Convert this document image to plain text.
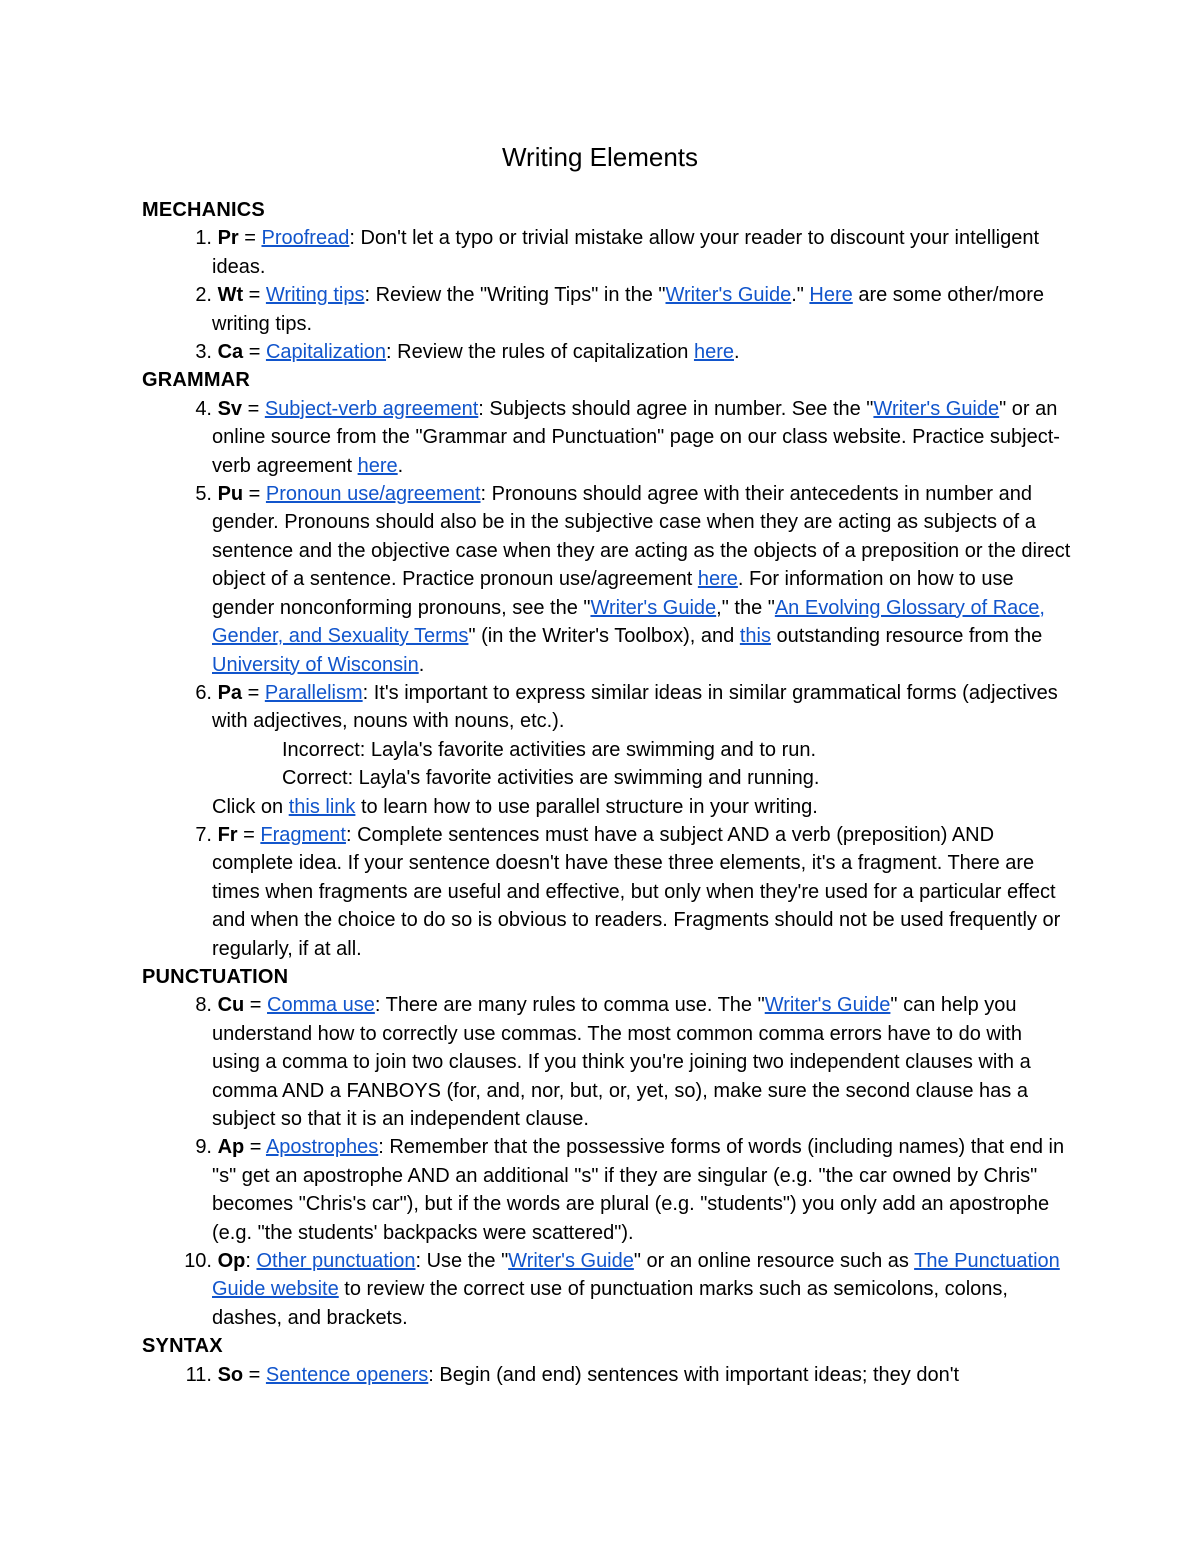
Writing Elements
MECHANICS
1. Pr = Proofread: Don't let a typo or trivial mistake allow your reader to discount your intelligent ideas.
2. Wt = Writing tips: Review the "Writing Tips" in the "Writer's Guide." Here are some other/more writing tips.
3. Ca = Capitalization: Review the rules of capitalization here.
GRAMMAR
4. Sv = Subject-verb agreement: Subjects should agree in number. See the "Writer's Guide" or an online source from the "Grammar and Punctuation" page on our class website. Practice subject-verb agreement here.
5. Pu = Pronoun use/agreement: Pronouns should agree with their antecedents in number and gender. Pronouns should also be in the subjective case when they are acting as subjects of a sentence and the objective case when they are acting as the objects of a preposition or the direct object of a sentence. Practice pronoun use/agreement here. For information on how to use gender nonconforming pronouns, see the "Writer's Guide," the "An Evolving Glossary of Race, Gender, and Sexuality Terms" (in the Writer's Toolbox), and this outstanding resource from the University of Wisconsin.
6. Pa = Parallelism: It's important to express similar ideas in similar grammatical forms (adjectives with adjectives, nouns with nouns, etc.).
Incorrect: Layla's favorite activities are swimming and to run.
Correct: Layla's favorite activities are swimming and running.
Click on this link to learn how to use parallel structure in your writing.
7. Fr = Fragment: Complete sentences must have a subject AND a verb (preposition) AND complete idea. If your sentence doesn't have these three elements, it's a fragment. There are times when fragments are useful and effective, but only when they're used for a particular effect and when the choice to do so is obvious to readers. Fragments should not be used frequently or regularly, if at all.
PUNCTUATION
8. Cu = Comma use: There are many rules to comma use. The "Writer's Guide" can help you understand how to correctly use commas. The most common comma errors have to do with using a comma to join two clauses. If you think you're joining two independent clauses with a comma AND a FANBOYS (for, and, nor, but, or, yet, so), make sure the second clause has a subject so that it is an independent clause.
9. Ap = Apostrophes: Remember that the possessive forms of words (including names) that end in "s" get an apostrophe AND an additional "s" if they are singular (e.g. "the car owned by Chris" becomes "Chris's car"), but if the words are plural (e.g. "students") you only add an apostrophe (e.g. "the students' backpacks were scattered").
10. Op: Other punctuation: Use the "Writer's Guide" or an online resource such as The Punctuation Guide website to review the correct use of punctuation marks such as semicolons, colons, dashes, and brackets.
SYNTAX
11. So = Sentence openers: Begin (and end) sentences with important ideas; they don't
